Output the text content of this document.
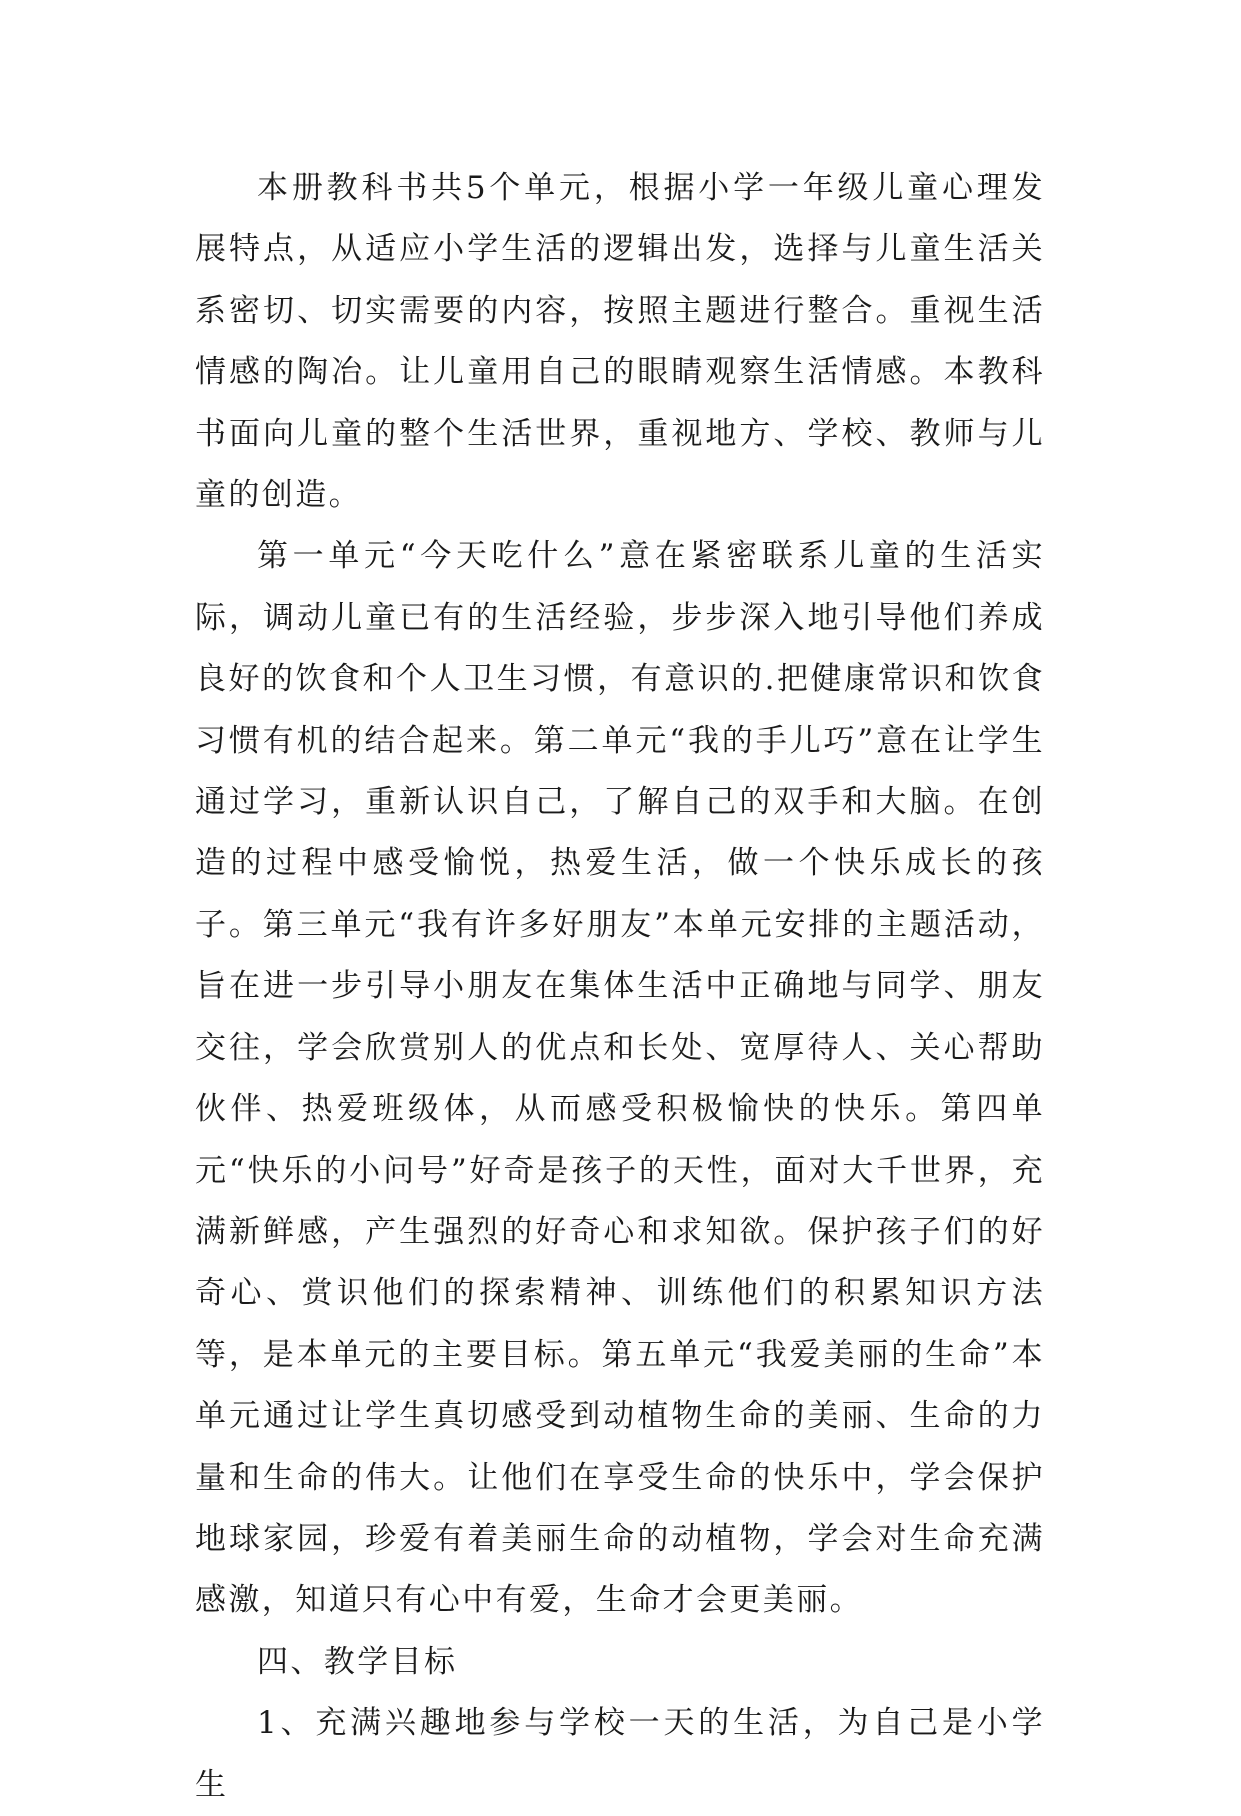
本册教科书共5个单元，根据小学一年级儿童心理发展特点，从适应小学生活的逻辑出发，选择与儿童生活关系密切、切实需要的内容，按照主题进行整合。重视生活情感的陶冶。让儿童用自己的眼睛观察生活情感。本教科书面向儿童的整个生活世界，重视地方、学校、教师与儿童的创造。

第一单元“今天吃什么”意在紧密联系儿童的生活实际，调动儿童已有的生活经验，步步深入地引导他们养成良好的饮食和个人卫生习惯，有意识的.把健康常识和饮食习惯有机的结合起来。第二单元“我的手儿巧”意在让学生通过学习，重新认识自己，了解自己的双手和大脑。在创造的过程中感受愉悦，热爱生活，做一个快乐成长的孩子。第三单元“我有许多好朋友”本单元安排的主题活动，旨在进一步引导小朋友在集体生活中正确地与同学、朋友交往，学会欣赏别人的优点和长处、宽厚待人、关心帮助伙伴、热爱班级体，从而感受积极愉快的快乐。第四单元“快乐的小问号”好奇是孩子的天性，面对大千世界，充满新鲜感，产生强烈的好奇心和求知欲。保护孩子们的好奇心、赏识他们的探索精神、训练他们的积累知识方法等，是本单元的主要目标。第五单元“我爱美丽的生命”本单元通过让学生真切感受到动植物生命的美丽、生命的力量和生命的伟大。让他们在享受生命的快乐中，学会保护地球家园，珍爱有着美丽生命的动植物，学会对生命充满感激，知道只有心中有爱，生命才会更美丽。

四、教学目标

1、充满兴趣地参与学校一天的生活，为自己是小学生
